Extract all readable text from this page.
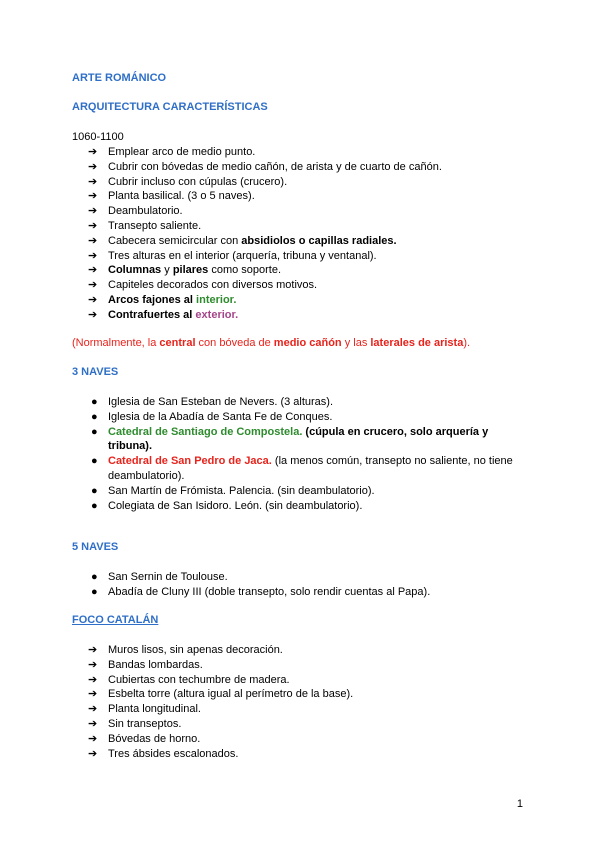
ARTE ROMÁNICO

ARQUITECTURA CARACTERÍSTICAS

1060-1100

➔ Emplear arco de medio punto.
➔ Cubrir con bóvedas de medio cañón, de arista y de cuarto de cañón.
➔ Cubrir incluso con cúpulas (crucero).
➔ Planta basilical. (3 o 5 naves).
➔ Deambulatorio.
➔ Transepto saliente.
➔ Cabecera semicircular con absidiolos o capillas radiales.
➔ Tres alturas en el interior (arquería, tribuna y ventanal).
➔ Columnas y pilares como soporte.
➔ Capiteles decorados con diversos motivos.
➔ Arcos fajones al interior.
➔ Contrafuertes al exterior.

(Normalmente, la central con bóveda de medio cañón y las laterales de arista).

3 NAVES

● Iglesia de San Esteban de Nevers. (3 alturas).
● Iglesia de la Abadía de Santa Fe de Conques.
● Catedral de Santiago de Compostela. (cúpula en crucero, solo arquería y tribuna).
● Catedral de San Pedro de Jaca. (la menos común, transepto no saliente, no tiene deambulatorio).
● San Martín de Frómista. Palencia. (sin deambulatorio).
● Colegiata de San Isidoro. León. (sin deambulatorio).

5 NAVES

● San Sernin de Toulouse.
● Abadía de Cluny III (doble transepto, solo rendir cuentas al Papa).

FOCO CATALÁN

➔ Muros lisos, sin apenas decoración.
➔ Bandas lombardas.
➔ Cubiertas con techumbre de madera.
➔ Esbelta torre (altura igual al perímetro de la base).
➔ Planta longitudinal.
➔ Sin transeptos.
➔ Bóvedas de horno.
➔ Tres ábsides escalonados.

1
